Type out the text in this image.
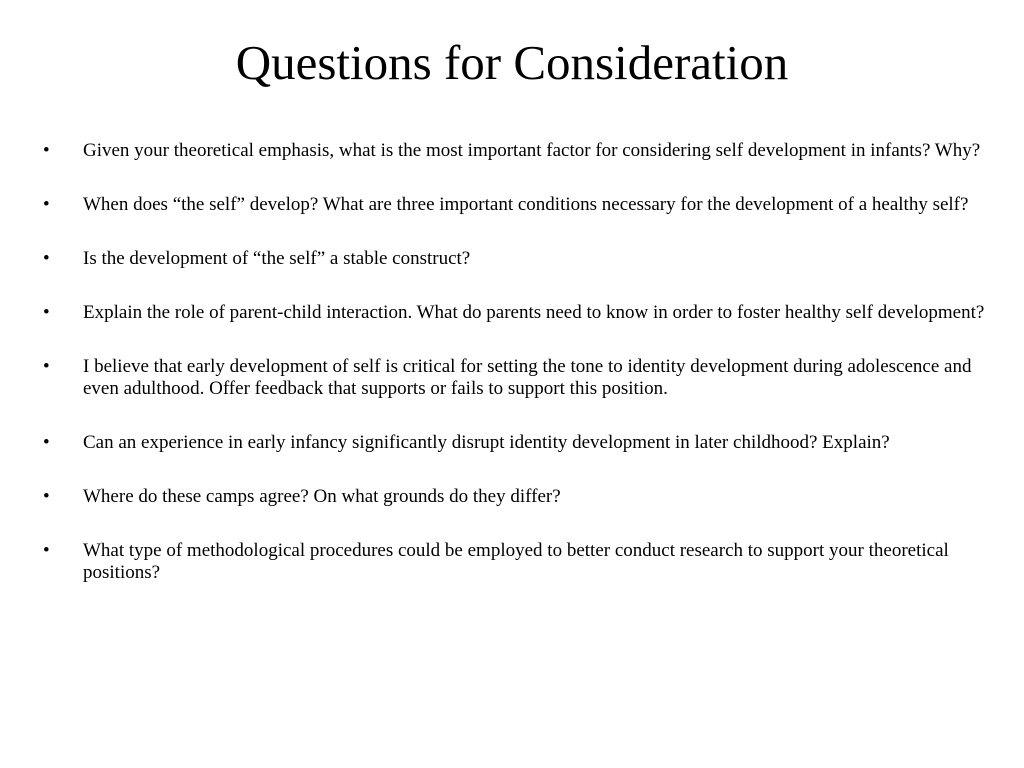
Questions for Consideration
• Given your theoretical emphasis, what is the most important factor for considering self development in infants? Why?
• When does “the self” develop? What are three important conditions necessary for the development of a healthy self?
• Is the development of “the self” a stable construct?
• Explain the role of parent-child interaction. What do parents need to know in order to foster healthy self development?
• I believe that early development of self is critical for setting the tone to identity development during adolescence and even adulthood. Offer feedback that supports or fails to support this position.
• Can an experience in early infancy significantly disrupt identity development in later childhood? Explain?
• Where do these camps agree? On what grounds do they differ?
• What type of methodological procedures could be employed to better conduct research to support your theoretical positions?
